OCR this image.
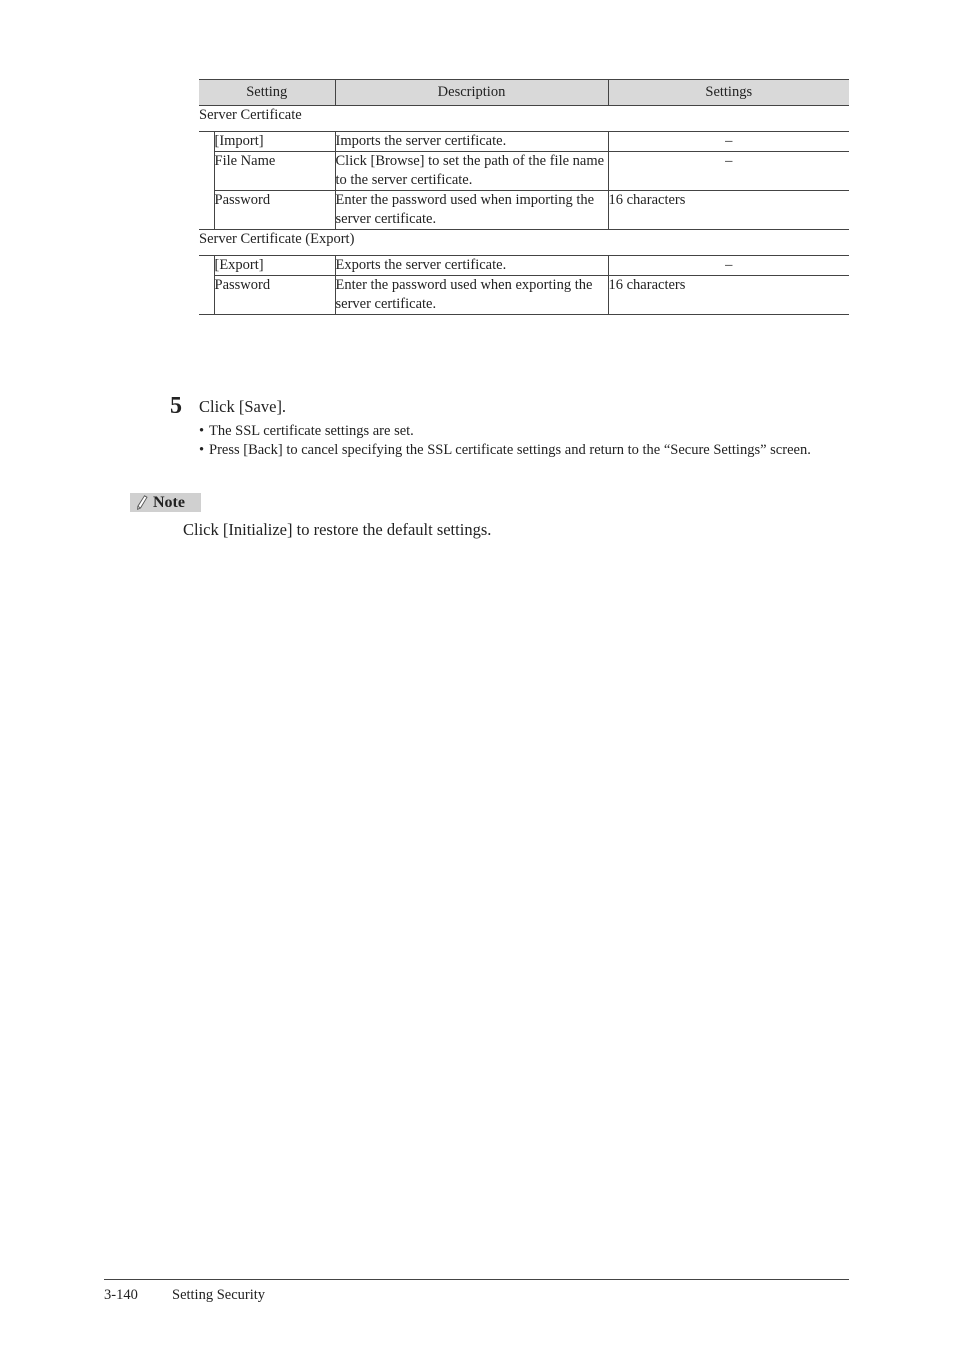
Setting		Description	Settings
Server Certificate			
	[Import]	Imports the server certificate.	–
	File Name	Click [Browse] to set the path of the file name to the server certificate.	–
	Password	Enter the password used when importing the server certificate.	16 characters
Server Certificate (Export)			
	[Export]	Exports the server certificate.	–
	Password	Enter the password used when exporting the server certificate.	16 characters
5 Click [Save].
• The SSL certificate settings are set.
• Press [Back] to cancel specifying the SSL certificate settings and return to the “Secure Settings” screen.
Note
Click [Initialize] to restore the default settings.
3-140 Setting Security
